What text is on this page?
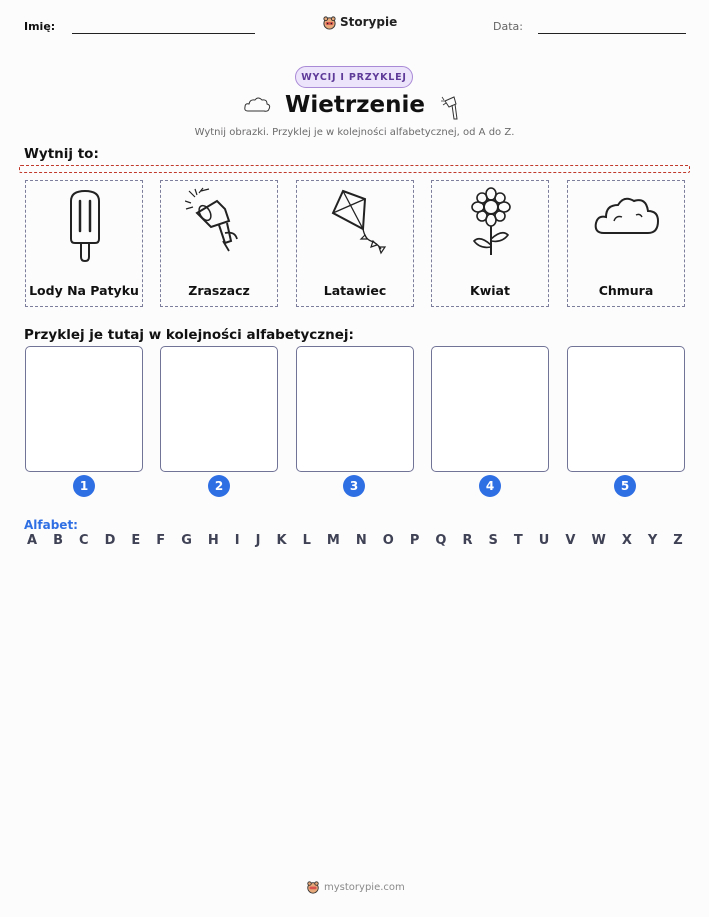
Imię:	Storypie	Data:
WYCIJ I PRZYKLEJ
Wietrzenie
Wytnij obrazki. Przyklej je w kolejności alfabetycznej, od A do Z.
Wytnij to:
Lody Na Patyku	Zraszacz	Latawiec	Kwiat	Chmura
Przyklej je tutaj w kolejności alfabetycznej:
1	2	3	4	5
Alfabet:
A B C D E F G H I J K L M N O P Q R S T U V W X Y Z
mystorypie.com
